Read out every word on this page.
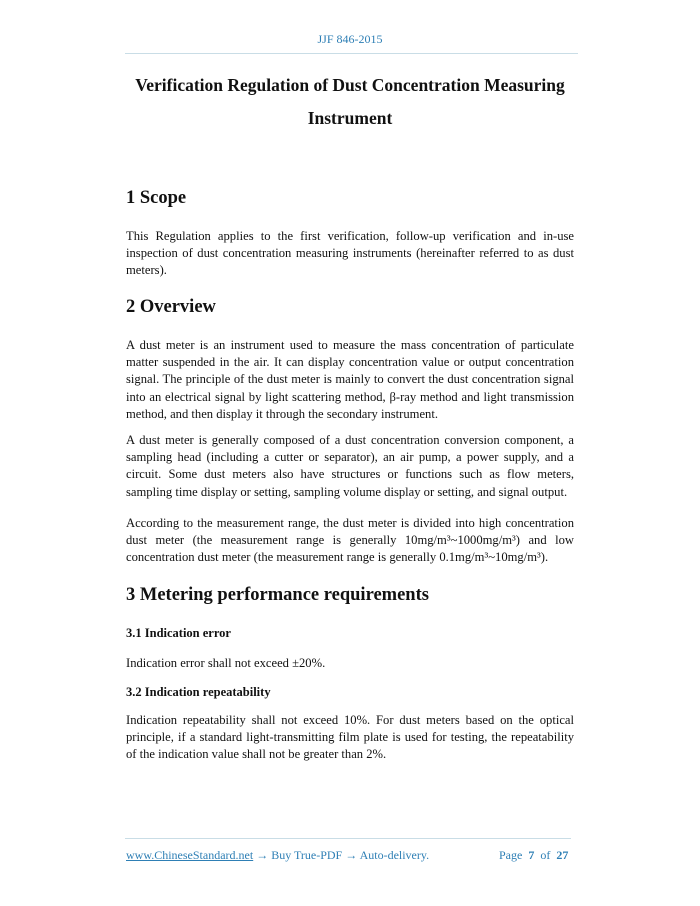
JJF 846-2015
Verification Regulation of Dust Concentration Measuring
Instrument
1 Scope
This Regulation applies to the first verification, follow-up verification and in-use inspection of dust concentration measuring instruments (hereinafter referred to as dust meters).
2 Overview
A dust meter is an instrument used to measure the mass concentration of particulate matter suspended in the air. It can display concentration value or output concentration signal. The principle of the dust meter is mainly to convert the dust concentration signal into an electrical signal by light scattering method, β-ray method and light transmission method, and then display it through the secondary instrument.
A dust meter is generally composed of a dust concentration conversion component, a sampling head (including a cutter or separator), an air pump, a power supply, and a circuit. Some dust meters also have structures or functions such as flow meters, sampling time display or setting, sampling volume display or setting, and signal output.
According to the measurement range, the dust meter is divided into high concentration dust meter (the measurement range is generally 10mg/m³~1000mg/m³) and low concentration dust meter (the measurement range is generally 0.1mg/m³~10mg/m³).
3 Metering performance requirements
3.1 Indication error
Indication error shall not exceed ±20%.
3.2 Indication repeatability
Indication repeatability shall not exceed 10%. For dust meters based on the optical principle, if a standard light-transmitting film plate is used for testing, the repeatability of the indication value shall not be greater than 2%.
www.ChineseStandard.net → Buy True-PDF → Auto-delivery.	Page 7 of 27
